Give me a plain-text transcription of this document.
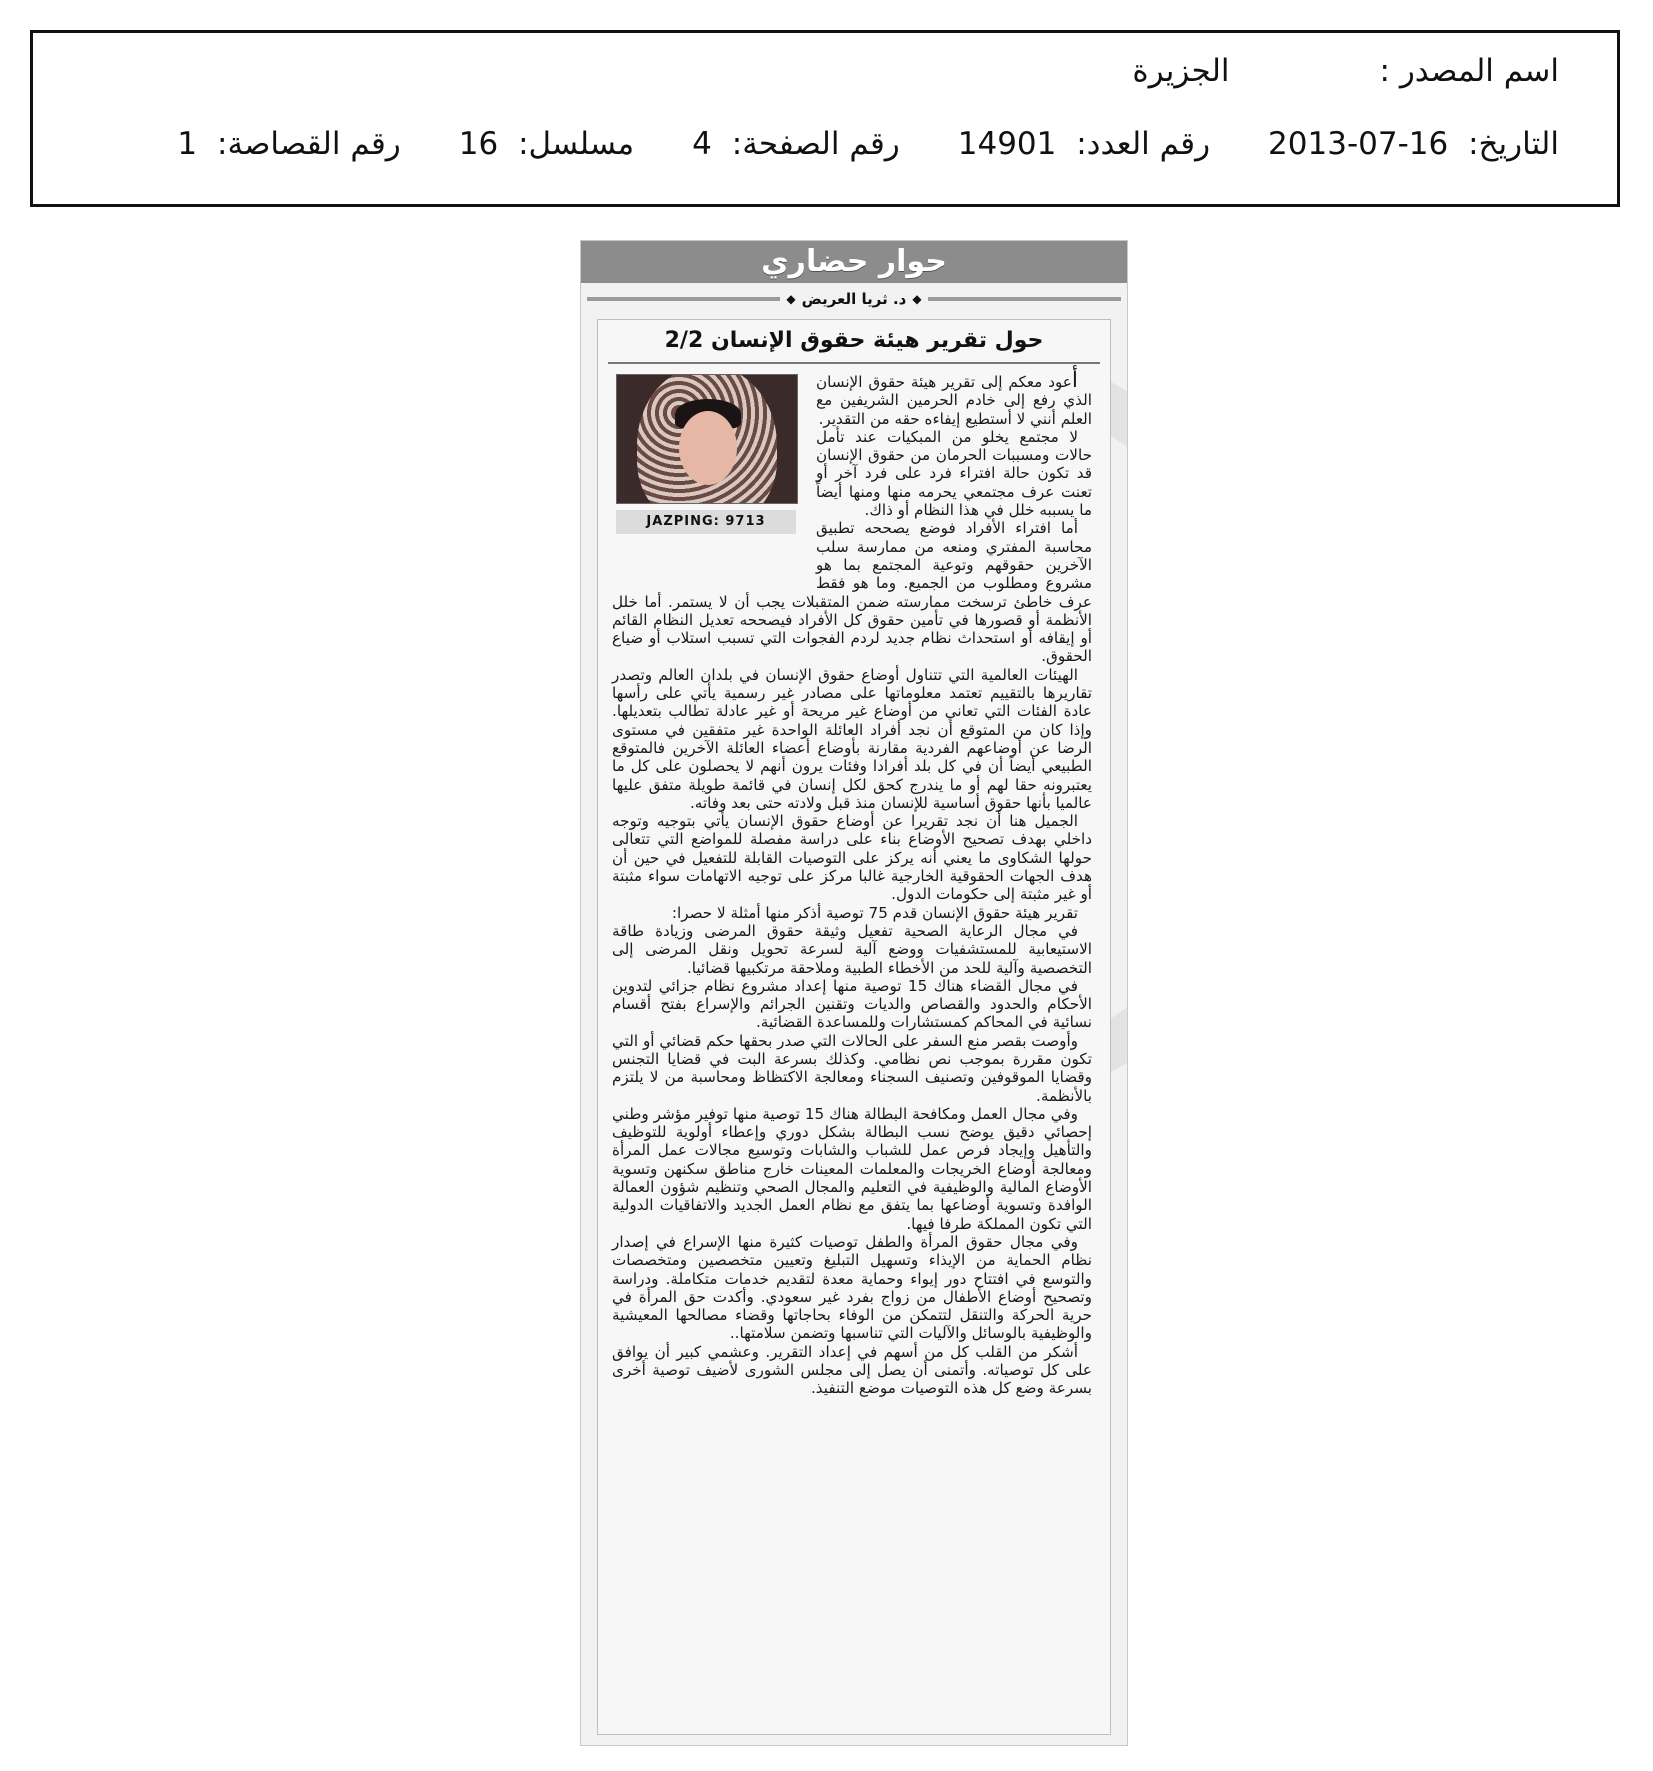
اسم المصدر :
الجزيرة
التاريخ: 2013-07-16
رقم العدد: 14901
رقم الصفحة: 4
مسلسل: 16
رقم القصاصة: 1
حوار حضاري
◆
د. ثريا العريض
◆
حول تقرير هيئة حقوق الإنسان 2/2
JAZPING: 9713

أعود معكم إلى تقرير هيئة حقوق الإنسان الذي رفع إلى خادم الحرمين الشريفين مع العلم أنني لا أستطيع إيفاءه حقه من التقدير.

لا مجتمع يخلو من المبكيات عند تأمل حالات ومسببات الحرمان من حقوق الإنسان قد تكون حالة افتراء فرد على فرد آخر أو تعنت عرف مجتمعي يحرمه منها ومنها أيضاً ما يسببه خلل في هذا النظام أو ذاك.

أما افتراء الأفراد فوضع يصححه تطبيق محاسبة المفتري ومنعه من ممارسة سلب الآخرين حقوقهم وتوعية المجتمع بما هو مشروع ومطلوب من الجميع. وما هو فقط عرف خاطئ ترسخت ممارسته ضمن المتقبلات يجب أن لا يستمر. أما خلل الأنظمة أو قصورها في تأمين حقوق كل الأفراد فيصححه تعديل النظام القائم أو إيقافه أو استحداث نظام جديد لردم الفجوات التي تسبب استلاب أو ضياع الحقوق.

الهيئات العالمية التي تتناول أوضاع حقوق الإنسان في بلدان العالم وتصدر تقاريرها بالتقييم تعتمد معلوماتها على مصادر غير رسمية يأتي على رأسها عادة الفئات التي تعاني من أوضاع غير مريحة أو غير عادلة تطالب بتعديلها. وإذا كان من المتوقع أن نجد أفراد العائلة الواحدة غير متفقين في مستوى الرضا عن أوضاعهم الفردية مقارنة بأوضاع أعضاء العائلة الآخرين فالمتوقع الطبيعي أيضاً أن في كل بلد أفرادا وفئات يرون أنهم لا يحصلون على كل ما يعتبرونه حقا لهم أو ما يندرج كحق لكل إنسان في قائمة طويلة متفق عليها عالميا بأنها حقوق أساسية للإنسان منذ قبل ولادته حتى بعد وفاته.

الجميل هنا أن نجد تقريرا عن أوضاع حقوق الإنسان يأتي بتوجيه وتوجه داخلي بهدف تصحيح الأوضاع بناء على دراسة مفصلة للمواضع التي تتعالى حولها الشكاوى ما يعني أنه يركز على التوصيات القابلة للتفعيل في حين أن هدف الجهات الحقوقية الخارجية غالبا مركز على توجيه الاتهامات سواء مثبتة أو غير مثبتة إلى حكومات الدول.

تقرير هيئة حقوق الإنسان قدم 75 توصية أذكر منها أمثلة لا حصرا:

في مجال الرعاية الصحية تفعيل وثيقة حقوق المرضى وزيادة طاقة الاستيعابية للمستشفيات ووضع آلية لسرعة تحويل ونقل المرضى إلى التخصصية وآلية للحد من الأخطاء الطبية وملاحقة مرتكبيها قضائيا.

في مجال القضاء هناك 15 توصية منها إعداد مشروع نظام جزائي لتدوين الأحكام والحدود والقصاص والديات وتقنين الجرائم والإسراع بفتح أقسام نسائية في المحاكم كمستشارات وللمساعدة القضائية.

وأوصت بقصر منع السفر على الحالات التي صدر بحقها حكم قضائي أو التي تكون مقررة بموجب نص نظامي. وكذلك بسرعة البت في قضايا التجنس وقضايا الموقوفين وتصنيف السجناء ومعالجة الاكتظاظ ومحاسبة من لا يلتزم بالأنظمة.

وفي مجال العمل ومكافحة البطالة هناك 15 توصية منها توفير مؤشر وطني إحصائي دقيق يوضح نسب البطالة بشكل دوري وإعطاء أولوية للتوظيف والتأهيل وإيجاد فرص عمل للشباب والشابات وتوسيع مجالات عمل المرأة ومعالجة أوضاع الخريجات والمعلمات المعينات خارج مناطق سكنهن وتسوية الأوضاع المالية والوظيفية في التعليم والمجال الصحي وتنظيم شؤون العمالة الوافدة وتسوية أوضاعها بما يتفق مع نظام العمل الجديد والاتفاقيات الدولية التي تكون المملكة طرفا فيها.

وفي مجال حقوق المرأة والطفل توصيات كثيرة منها الإسراع في إصدار نظام الحماية من الإيذاء وتسهيل التبليغ وتعيين متخصصين ومتخصصات والتوسع في افتتاح دور إيواء وحماية معدة لتقديم خدمات متكاملة. ودراسة وتصحيح أوضاع الأطفال من زواج بفرد غير سعودي. وأكدت حق المرأة في حرية الحركة والتنقل لتتمكن من الوفاء بحاجاتها وقضاء مصالحها المعيشية والوظيفية بالوسائل والآليات التي تناسبها وتضمن سلامتها..

أشكر من القلب كل من أسهم في إعداد التقرير. وعشمي كبير أن يوافق على كل توصياته. وأتمنى أن يصل إلى مجلس الشورى لأضيف توصية أخرى بسرعة وضع كل هذه التوصيات موضع التنفيذ.
